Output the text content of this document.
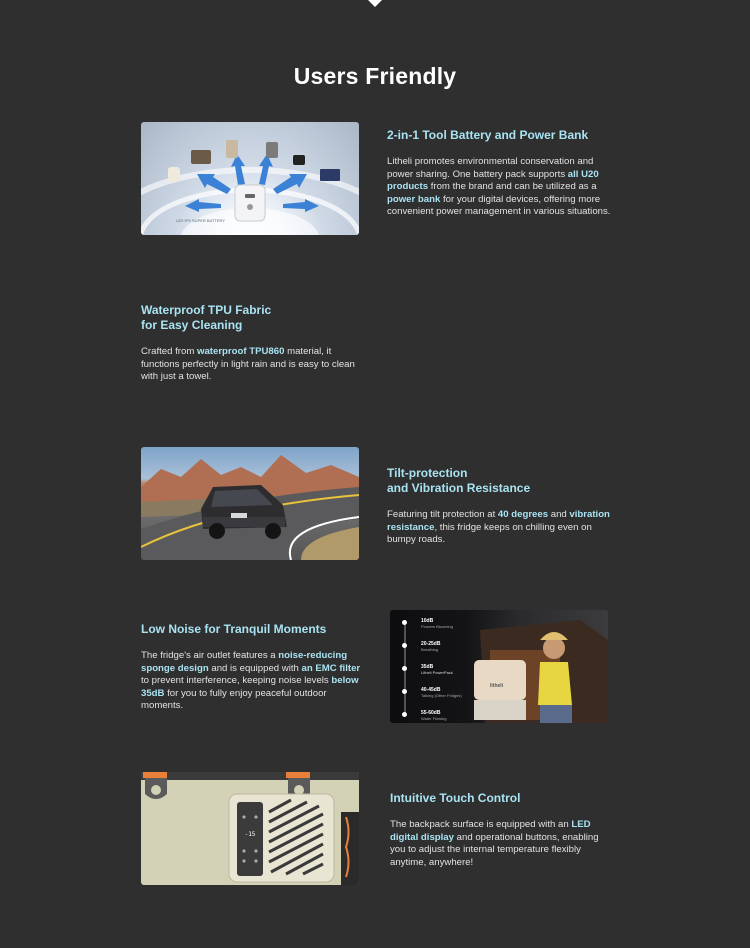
Users Friendly
U20 IPS SUPER BATTERY
2-in-1 Tool Battery and Power Bank

Litheli promotes environmental conservation and power sharing. One battery pack supports all U20 products from the brand and can be utilized as a power bank for your digital devices, offering more convenient power management in various situations.

Waterproof TPU Fabric
for Easy Cleaning

Crafted from waterproof TPU860 material, it functions perfectly in light rain and is easy to clean with just a towel.

Tilt-protection
and Vibration Resistance

Featuring tilt protection at 40 degrees and vibration resistance, this fridge keeps on chilling even on bumpy roads.

Low Noise for Tranquil Moments

The fridge's air outlet features a noise-reducing sponge design and is equipped with an EMC filter to prevent interference, keeping noise levels below 35dB for you to fully enjoy peaceful outdoor moments.

10dB
Flowers Blooming
20-25dB
Breathing
35dB
Litheli PowerPack
40-45dB
Talking (Other Fridges)
55-60dB
Water Flowing
litheli
-15
Intuitive Touch Control

The backpack surface is equipped with an LED digital display and operational buttons, enabling you to adjust the internal temperature flexibly anytime, anywhere!
